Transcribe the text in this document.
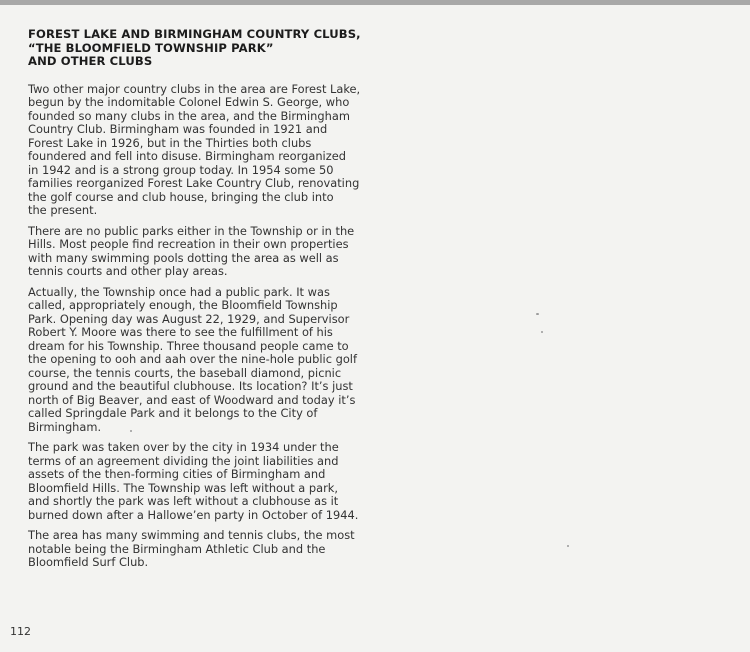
FOREST LAKE AND BIRMINGHAM COUNTRY CLUBS,
“THE BLOOMFIELD TOWNSHIP PARK”
AND OTHER CLUBS
Two other major country clubs in the area are Forest Lake,
begun by the indomitable Colonel Edwin S. George, who
founded so many clubs in the area, and the Birmingham
Country Club. Birmingham was founded in 1921 and
Forest Lake in 1926, but in the Thirties both clubs
foundered and fell into disuse. Birmingham reorganized
in 1942 and is a strong group today. In 1954 some 50
families reorganized Forest Lake Country Club, renovating
the golf course and club house, bringing the club into
the present.
There are no public parks either in the Township or in the
Hills. Most people find recreation in their own properties
with many swimming pools dotting the area as well as
tennis courts and other play areas.
Actually, the Township once had a public park. It was
called, appropriately enough, the Bloomfield Township
Park. Opening day was August 22, 1929, and Supervisor
Robert Y. Moore was there to see the fulfillment of his
dream for his Township. Three thousand people came to
the opening to ooh and aah over the nine-hole public golf
course, the tennis courts, the baseball diamond, picnic
ground and the beautiful clubhouse. Its location? It’s just
north of Big Beaver, and east of Woodward and today it’s
called Springdale Park and it belongs to the City of
Birmingham.
The park was taken over by the city in 1934 under the
terms of an agreement dividing the joint liabilities and
assets of the then-forming cities of Birmingham and
Bloomfield Hills. The Township was left without a park,
and shortly the park was left without a clubhouse as it
burned down after a Hallowe’en party in October of 1944.
The area has many swimming and tennis clubs, the most
notable being the Birmingham Athletic Club and the
Bloomfield Surf Club.
112
